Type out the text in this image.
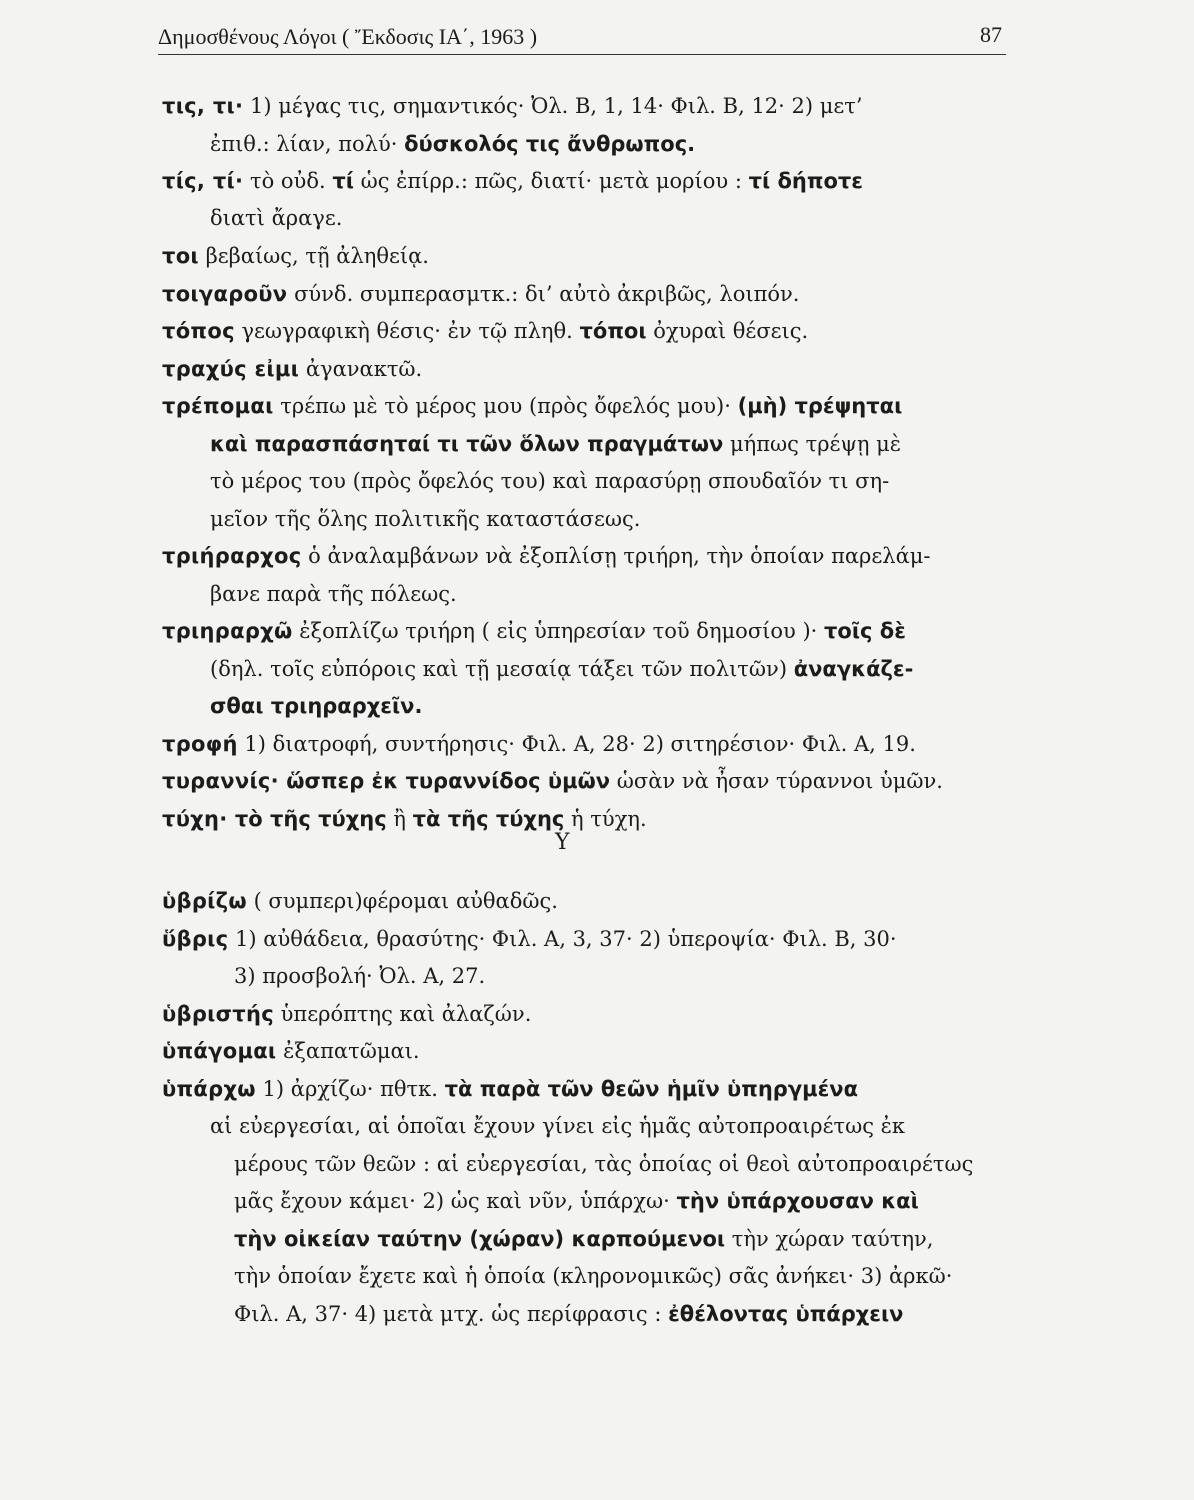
Δημοσθένους Λόγοι ( Ἔκδοσις ΙΑ΄, 1963 )	87
τις, τι· 1) μέγας τις, σημαντικός· Ὀλ. Β, 1, 14· Φιλ. Β, 12· 2) μετ’
ἐπιθ.: λίαν, πολύ· δύσκολός τις ἄνθρωπος.
τίς, τί· τὸ οὐδ. τί ὡς ἐπίρρ.: πῶς, διατί· μετὰ μορίου : τί δήποτε
διατὶ ἄραγε.
τοι βεβαίως, τῇ ἀληθείᾳ.
τοιγαροῦν σύνδ. συμπερασμτκ.: δι’ αὐτὸ ἀκριβῶς, λοιπόν.
τόπος γεωγραφικὴ θέσις· ἐν τῷ πληθ. τόποι ὀχυραὶ θέσεις.
τραχύς εἰμι ἀγανακτῶ.
τρέπομαι τρέπω μὲ τὸ μέρος μου (πρὸς ὄφελός μου)· (μὴ) τρέψηται
καὶ παρασπάσηταί τι τῶν ὅλων πραγμάτων μήπως τρέψῃ μὲ
τὸ μέρος του (πρὸς ὄφελός του) καὶ παρασύρῃ σπουδαῖόν τι ση-
μεῖον τῆς ὅλης πολιτικῆς καταστάσεως.
τριήραρχος ὁ ἀναλαμβάνων νὰ ἐξοπλίσῃ τριήρη, τὴν ὁποίαν παρελάμ-
βανε παρὰ τῆς πόλεως.
τριηραρχῶ ἐξοπλίζω τριήρη ( εἰς ὑπηρεσίαν τοῦ δημοσίου )· τοῖς δὲ
(δηλ. τοῖς εὐπόροις καὶ τῇ μεσαίᾳ τάξει τῶν πολιτῶν) ἀναγκάζε-
σθαι τριηραρχεῖν.
τροφή 1) διατροφή, συντήρησις· Φιλ. Α, 28· 2) σιτηρέσιον· Φιλ. Α, 19.
τυραννίς· ὥσπερ ἐκ τυραννίδος ὑμῶν ὡσὰν νὰ ἦσαν τύραννοι ὑμῶν.
τύχη· τὸ τῆς τύχης ἢ τὰ τῆς τύχης ἡ τύχη.
Υ
ὑβρίζω ( συμπερι)φέρομαι αὐθαδῶς.
ὕβρις 1) αὐθάδεια, θρασύτης· Φιλ. Α, 3, 37· 2) ὑπεροψία· Φιλ. Β, 30·
3) προσβολή· Ὀλ. Α, 27.
ὑβριστής ὑπερόπτης καὶ ἀλαζών.
ὑπάγομαι ἐξαπατῶμαι.
ὑπάρχω 1) ἀρχίζω· πθτκ. τὰ παρὰ τῶν θεῶν ἡμῖν ὑπηργμένα
αἱ εὐεργεσίαι, αἱ ὁποῖαι ἔχουν γίνει εἰς ἡμᾶς αὐτοπροαιρέτως ἐκ
μέρους τῶν θεῶν : αἱ εὐεργεσίαι, τὰς ὁποίας οἱ θεοὶ αὐτοπροαιρέτως
μᾶς ἔχουν κάμει· 2) ὡς καὶ νῦν, ὑπάρχω· τὴν ὑπάρχουσαν καὶ
τὴν οἰκείαν ταύτην (χώραν) καρπούμενοι τὴν χώραν ταύτην,
τὴν ὁποίαν ἔχετε καὶ ἡ ὁποία (κληρονομικῶς) σᾶς ἀνήκει· 3) ἀρκῶ·
Φιλ. Α, 37· 4) μετὰ μτχ. ὡς περίφρασις : ἐθέλοντας ὑπάρχειν
